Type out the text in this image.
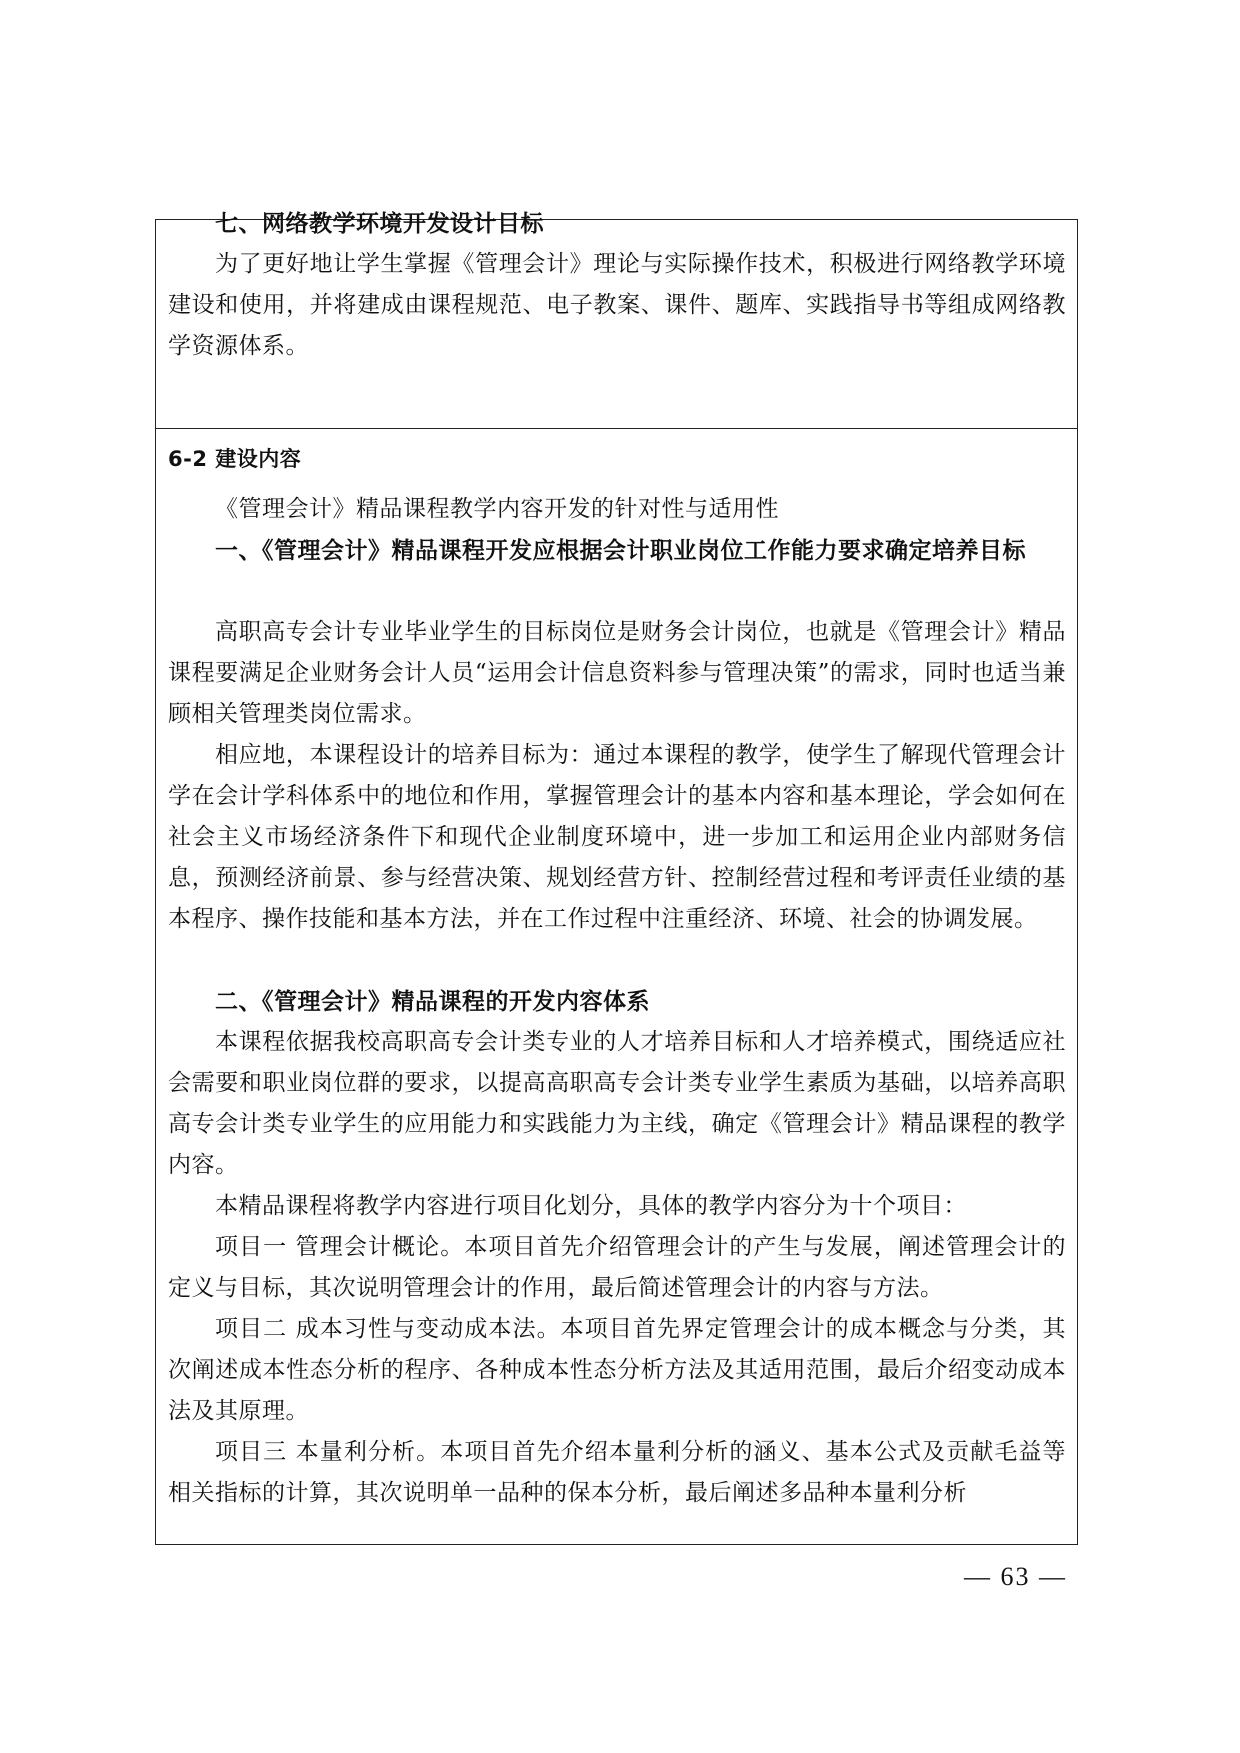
七、网络教学环境开发设计目标

为了更好地让学生掌握《管理会计》理论与实际操作技术，积极进行网络教学环境建设和使用，并将建成由课程规范、电子教案、课件、题库、实践指导书等组成网络教学资源体系。

6-2 建设内容

《管理会计》精品课程教学内容开发的针对性与适用性

一、《管理会计》精品课程开发应根据会计职业岗位工作能力要求确定培养目标

高职高专会计专业毕业学生的目标岗位是财务会计岗位，也就是《管理会计》精品课程要满足企业财务会计人员“运用会计信息资料参与管理决策”的需求，同时也适当兼顾相关管理类岗位需求。

相应地，本课程设计的培养目标为：通过本课程的教学，使学生了解现代管理会计学在会计学科体系中的地位和作用，掌握管理会计的基本内容和基本理论，学会如何在社会主义市场经济条件下和现代企业制度环境中，进一步加工和运用企业内部财务信息，预测经济前景、参与经营决策、规划经营方针、控制经营过程和考评责任业绩的基本程序、操作技能和基本方法，并在工作过程中注重经济、环境、社会的协调发展。

二、《管理会计》精品课程的开发内容体系

本课程依据我校高职高专会计类专业的人才培养目标和人才培养模式，围绕适应社会需要和职业岗位群的要求，以提高高职高专会计类专业学生素质为基础，以培养高职高专会计类专业学生的应用能力和实践能力为主线，确定《管理会计》精品课程的教学内容。

本精品课程将教学内容进行项目化划分，具体的教学内容分为十个项目：

项目一 管理会计概论。本项目首先介绍管理会计的产生与发展，阐述管理会计的定义与目标，其次说明管理会计的作用，最后简述管理会计的内容与方法。

项目二 成本习性与变动成本法。本项目首先界定管理会计的成本概念与分类，其次阐述成本性态分析的程序、各种成本性态分析方法及其适用范围，最后介绍变动成本法及其原理。

项目三 本量利分析。本项目首先介绍本量利分析的涵义、基本公式及贡献毛益等相关指标的计算，其次说明单一品种的保本分析，最后阐述多品种本量利分析

— 63 —
